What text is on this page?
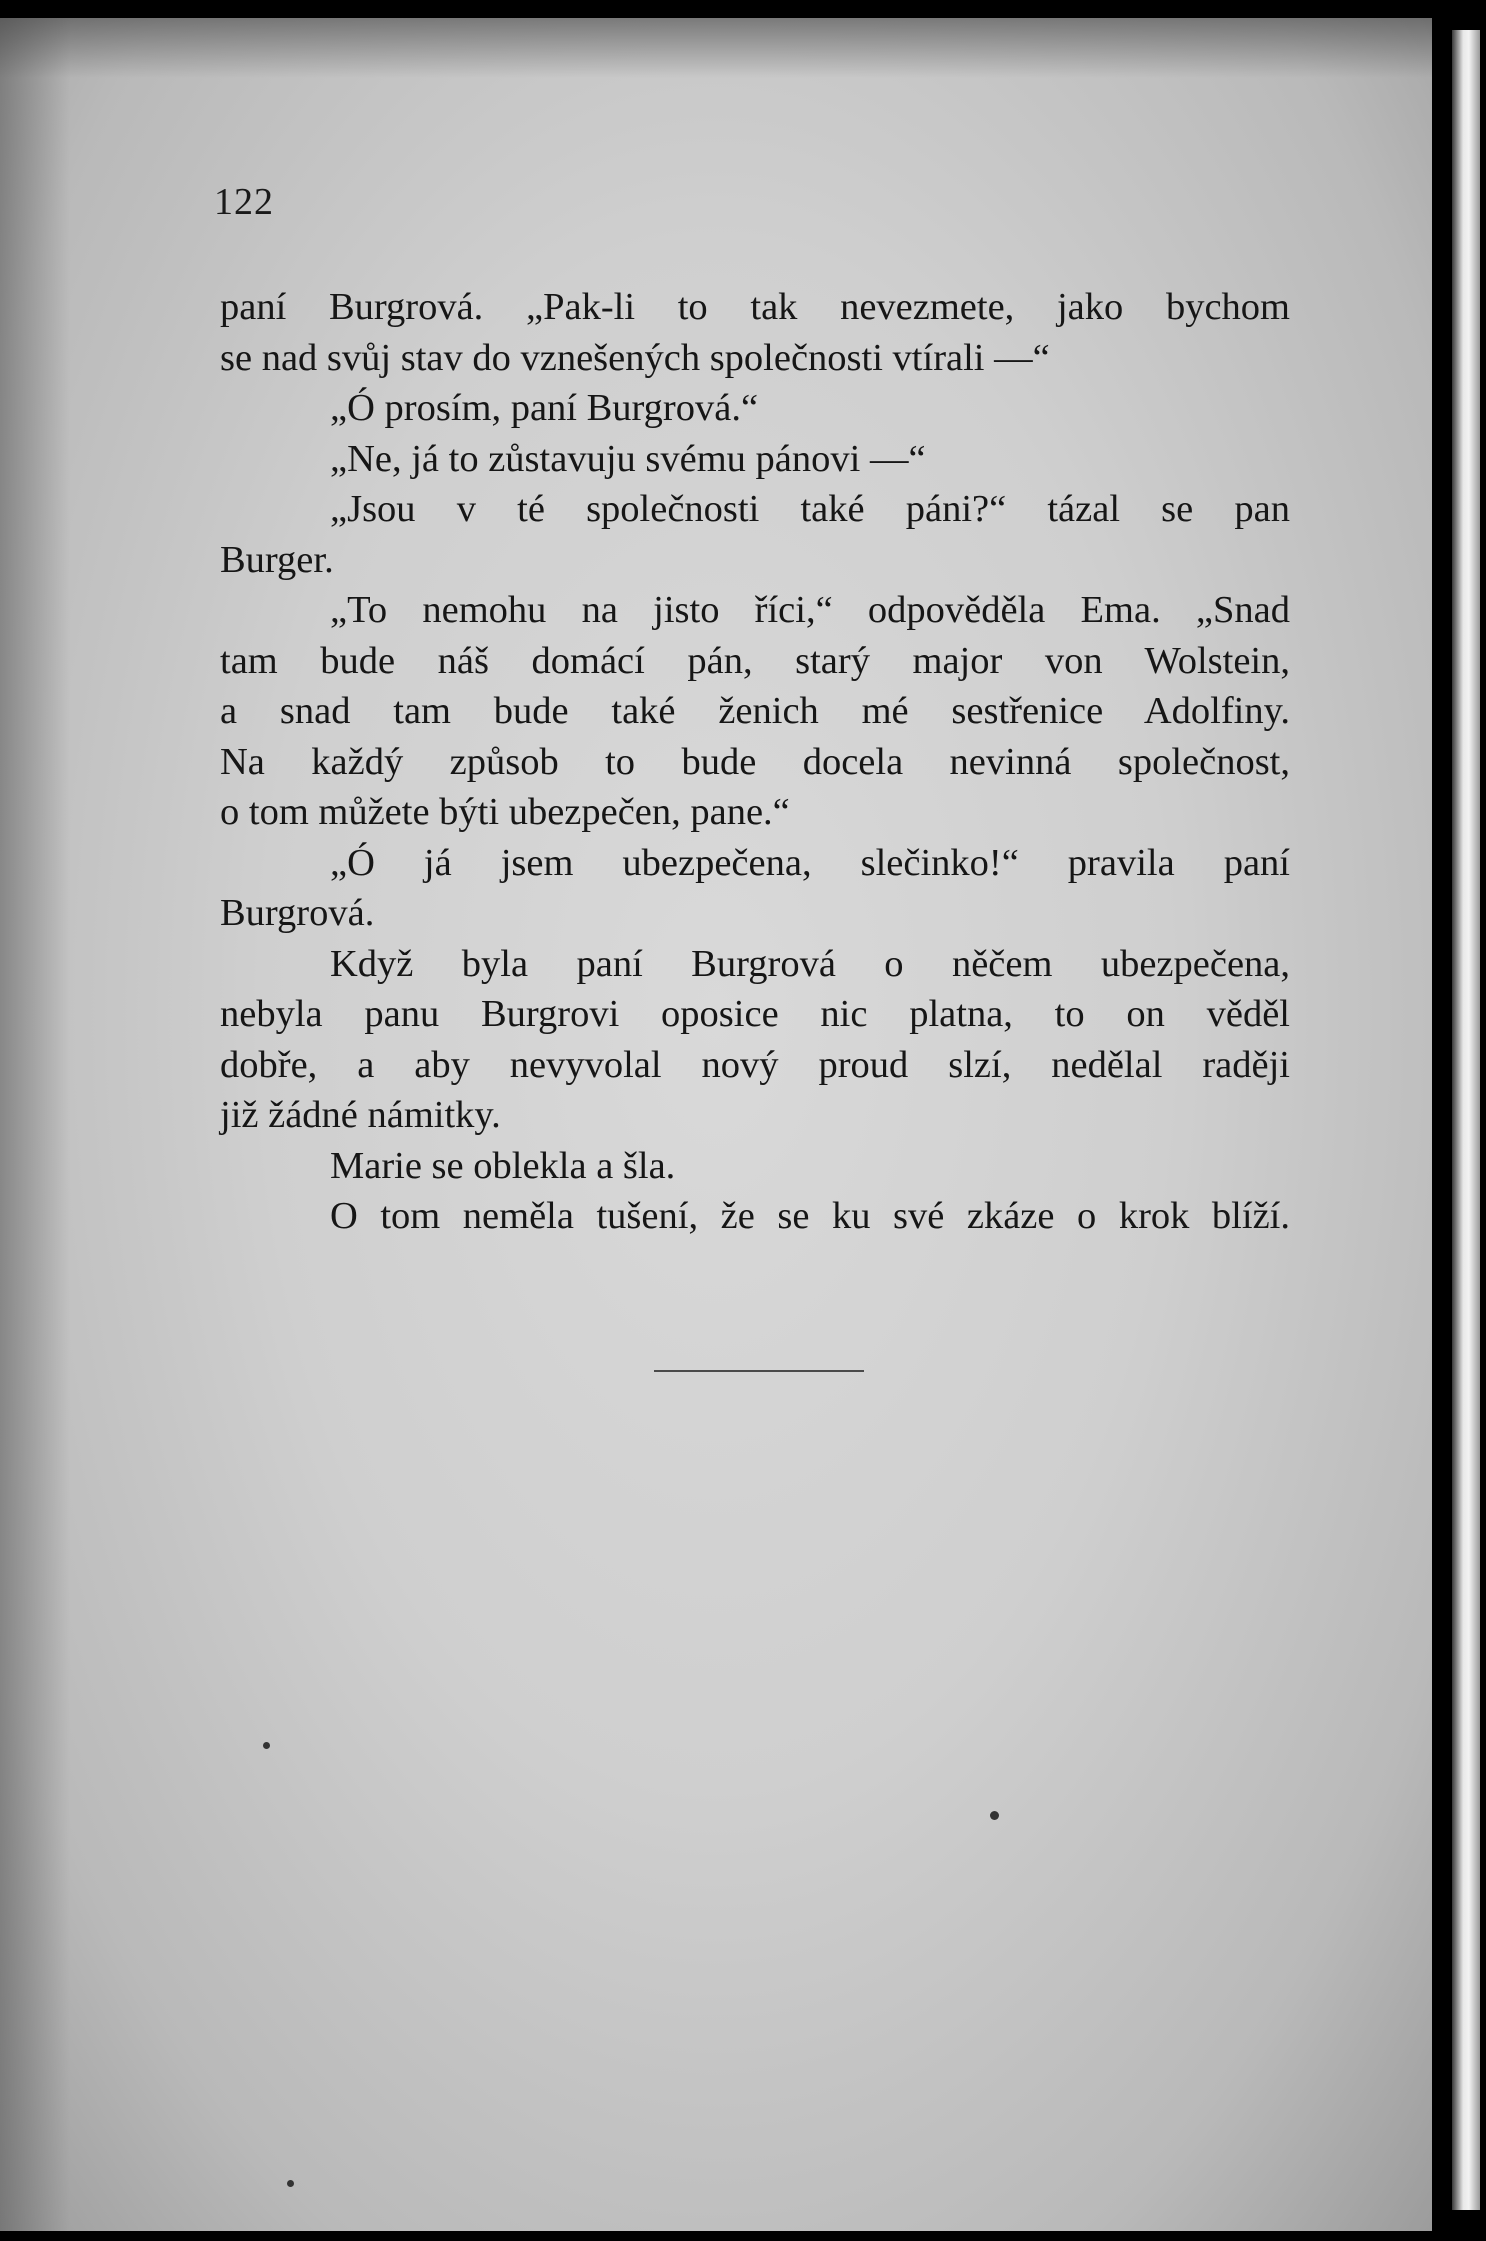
122
paní Burgrová. „Pak-li to tak nevezmete, jako bychom
se nad svůj stav do vznešených společnosti vtírali —“
„Ó prosím, paní Burgrová.“
„Ne, já to zůstavuju svému pánovi —“
„Jsou v té společnosti také páni?“ tázal se pan
Burger.
„To nemohu na jisto říci,“ odpověděla Ema. „Snad
tam bude náš domácí pán, starý major von Wolstein,
a snad tam bude také ženich mé sestřenice Adolfiny.
Na každý způsob to bude docela nevinná společnost,
o tom můžete býti ubezpečen, pane.“
„Ó já jsem ubezpečena, slečinko!“ pravila paní
Burgrová.
Když byla paní Burgrová o něčem ubezpečena,
nebyla panu Burgrovi oposice nic platna, to on věděl
dobře, a aby nevyvolal nový proud slzí, nedělal raději
již žádné námitky.
Marie se oblekla a šla.
O tom neměla tušení, že se ku své zkáze o krok blíží.
